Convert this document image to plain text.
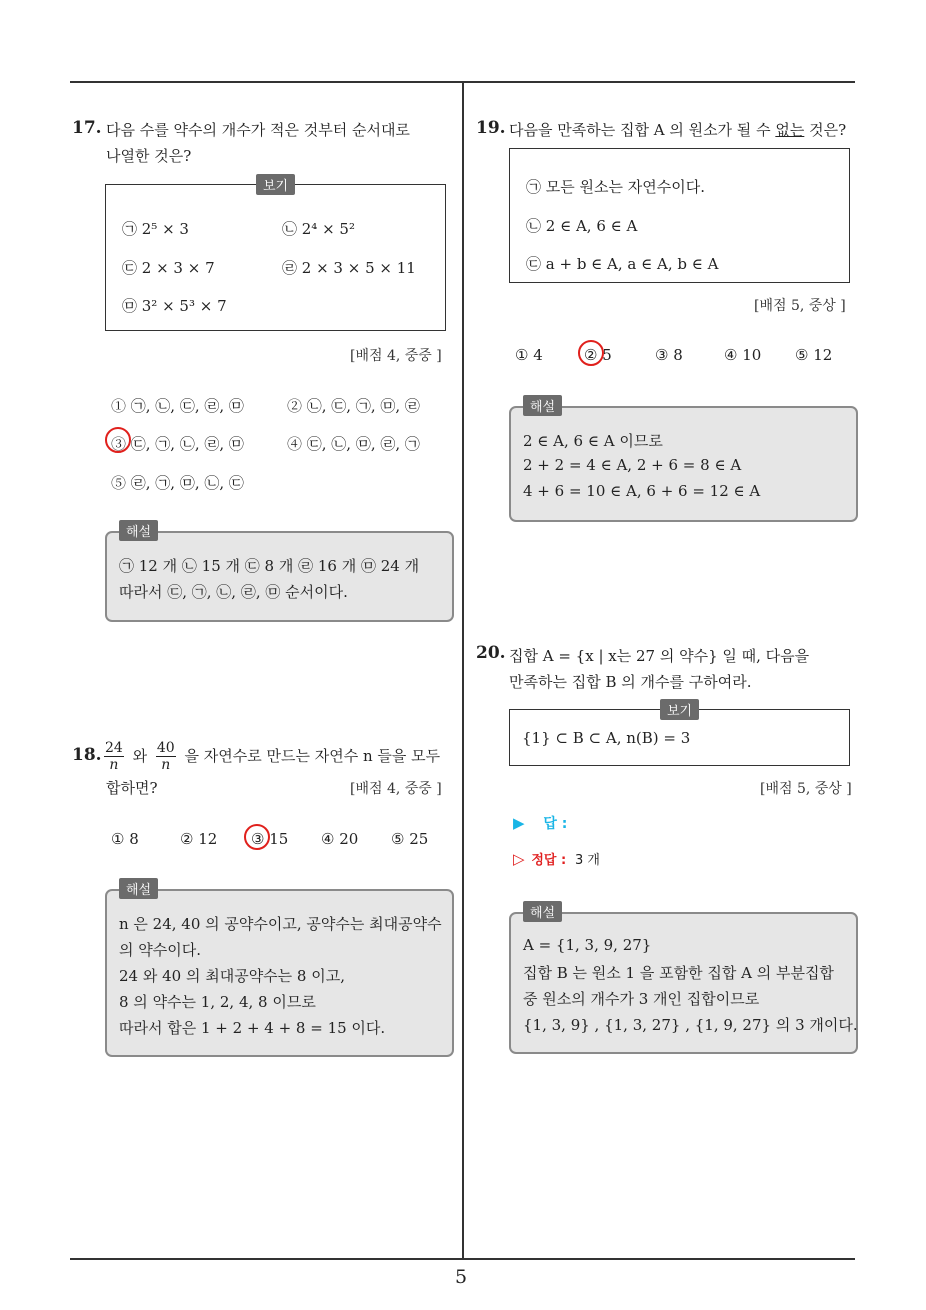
5
17. 다음 수를 약수의 개수가 적은 것부터 순서대로
나열한 것은?
보기
㉠ 2⁵ × 3	㉡ 2⁴ × 5²
㉢ 2 × 3 × 7	㉣ 2 × 3 × 5 × 11
㉤ 3² × 5³ × 7
[배점 4, 중중 ]
① ㉠, ㉡, ㉢, ㉣, ㉤	② ㉡, ㉢, ㉠, ㉤, ㉣
③ ㉢, ㉠, ㉡, ㉣, ㉤	④ ㉢, ㉡, ㉤, ㉣, ㉠
⑤ ㉣, ㉠, ㉤, ㉡, ㉢
㉠ 12 개 ㉡ 15 개 ㉢ 8 개 ㉣ 16 개 ㉤ 24 개
따라서 ㉢, ㉠, ㉡, ㉣, ㉤ 순서이다.
해설
18. $\frac{24}{n}$ 와 $\frac{40}{n}$ 을 자연수로 만드는 자연수 n 들을 모두
합하면?	[배점 4, 중중 ]
① 8	② 12 ③ 15 ④ 20 ⑤ 25
n 은 24, 40 의 공약수이고, 공약수는 최대공약수
의 약수이다.
24 와 40 의 최대공약수는 8 이고,
8 의 약수는 1, 2, 4, 8 이므로
따라서 합은 1 + 2 + 4 + 8 = 15 이다.
해설
19. 다음을 만족하는 집합 A 의 원소가 될 수 없는 것은?
㉠ 모든 원소는 자연수이다.
㉡ 2 ∈ A, 6 ∈ A
㉢ a + b ∈ A, a ∈ A, b ∈ A
[배점 5, 중상 ]
① 4	② 5	③ 8	④ 10 ⑤ 12
2 ∈ A, 6 ∈ A 이므로
2 + 2 = 4 ∈ A, 2 + 6 = 8 ∈ A
4 + 6 = 10 ∈ A, 6 + 6 = 12 ∈ A
해설
20. 집합 A = {x | x는 27 의 약수} 일 때, 다음을
만족하는 집합 B 의 개수를 구하여라.
보기
{1} ⊂ B ⊂ A, n(B) = 3
[배점 5, 중상 ]
▶ 답 :
▷ 정답 : 3 개
A = {1, 3, 9, 27}
집합 B 는 원소 1 을 포함한 집합 A 의 부분집합
중 원소의 개수가 3 개인 집합이므로
{1, 3, 9} , {1, 3, 27} , {1, 9, 27} 의 3 개이다.
해설
